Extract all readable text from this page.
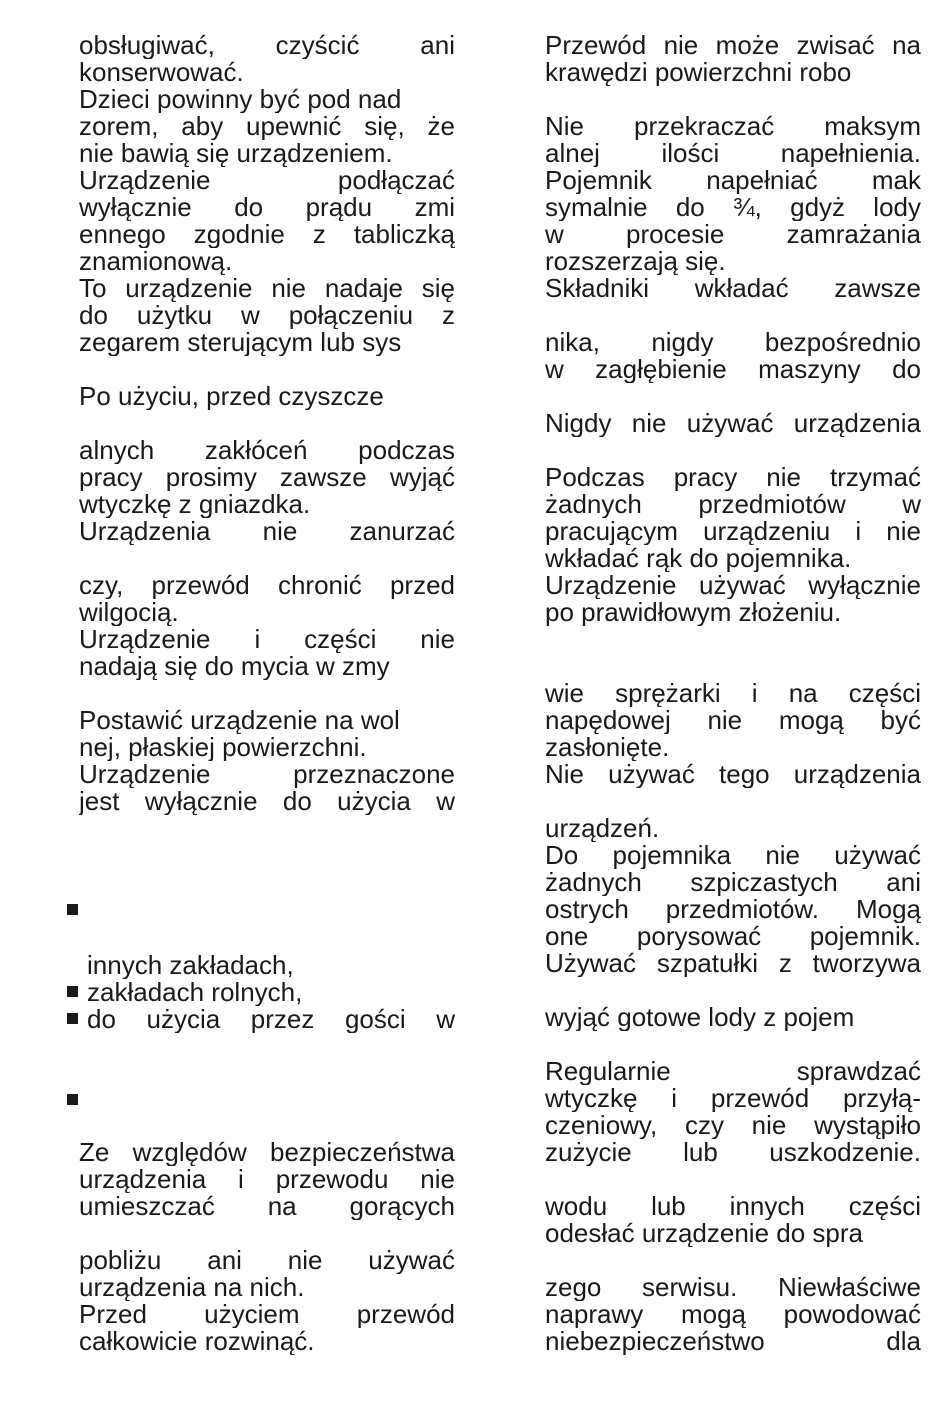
obsługiwać, czyścić ani
konserwować.
Dzieci powinny być pod nad
zorem, aby upewnić się, że
nie bawią się urządzeniem.
Urządzenie podłączać
wyłącznie do prądu zmi
ennego zgodnie z tabliczką
znamionową.
To urządzenie nie nadaje się
do użytku w połączeniu z
zegarem sterującym lub sys
Po użyciu, przed czyszcze
alnych zakłóceń podczas
pracy prosimy zawsze wyjąć
wtyczkę z gniazdka.
Urządzenia nie zanurzać
czy, przewód chronić przed
wilgocią.
Urządzenie i części nie
nadają się do mycia w zmy
Postawić urządzenie na wol
nej, płaskiej powierzchni.
Urządzenie przeznaczone
jest wyłącznie do użycia w
innych zakładach,
zakładach rolnych,
do użycia przez gości w
Ze względów bezpieczeństwa
urządzenia i przewodu nie
umieszczać na gorących
pobliżu ani nie używać
urządzenia na nich.
Przed użyciem przewód
całkowicie rozwinąć.
Przewód nie może zwisać na
krawędzi powierzchni robo
Nie przekraczać maksym
alnej ilości napełnienia.
Pojemnik napełniać mak
symalnie do ¾, gdyż lody
w procesie zamrażania
rozszerzają się.
Składniki wkładać zawsze
nika, nigdy bezpośrednio
w zagłębienie maszyny do
Nigdy nie używać urządzenia
Podczas pracy nie trzymać
żadnych przedmiotów w
pracującym urządzeniu i nie
wkładać rąk do pojemnika.
Urządzenie używać wyłącznie
po prawidłowym złożeniu.
wie sprężarki i na części
napędowej nie mogą być
zasłonięte.
Nie używać tego urządzenia
urządzeń.
Do pojemnika nie używać
żadnych szpiczastych ani
ostrych przedmiotów. Mogą
one porysować pojemnik.
Używać szpatułki z tworzywa
wyjąć gotowe lody z pojem
Regularnie sprawdzać
wtyczkę i przewód przyłą-
czeniowy, czy nie wystąpiło
zużycie lub uszkodzenie.
wodu lub innych części
odesłać urządzenie do spra
zego serwisu. Niewłaściwe
naprawy mogą powodować
niebezpieczeństwo dla
